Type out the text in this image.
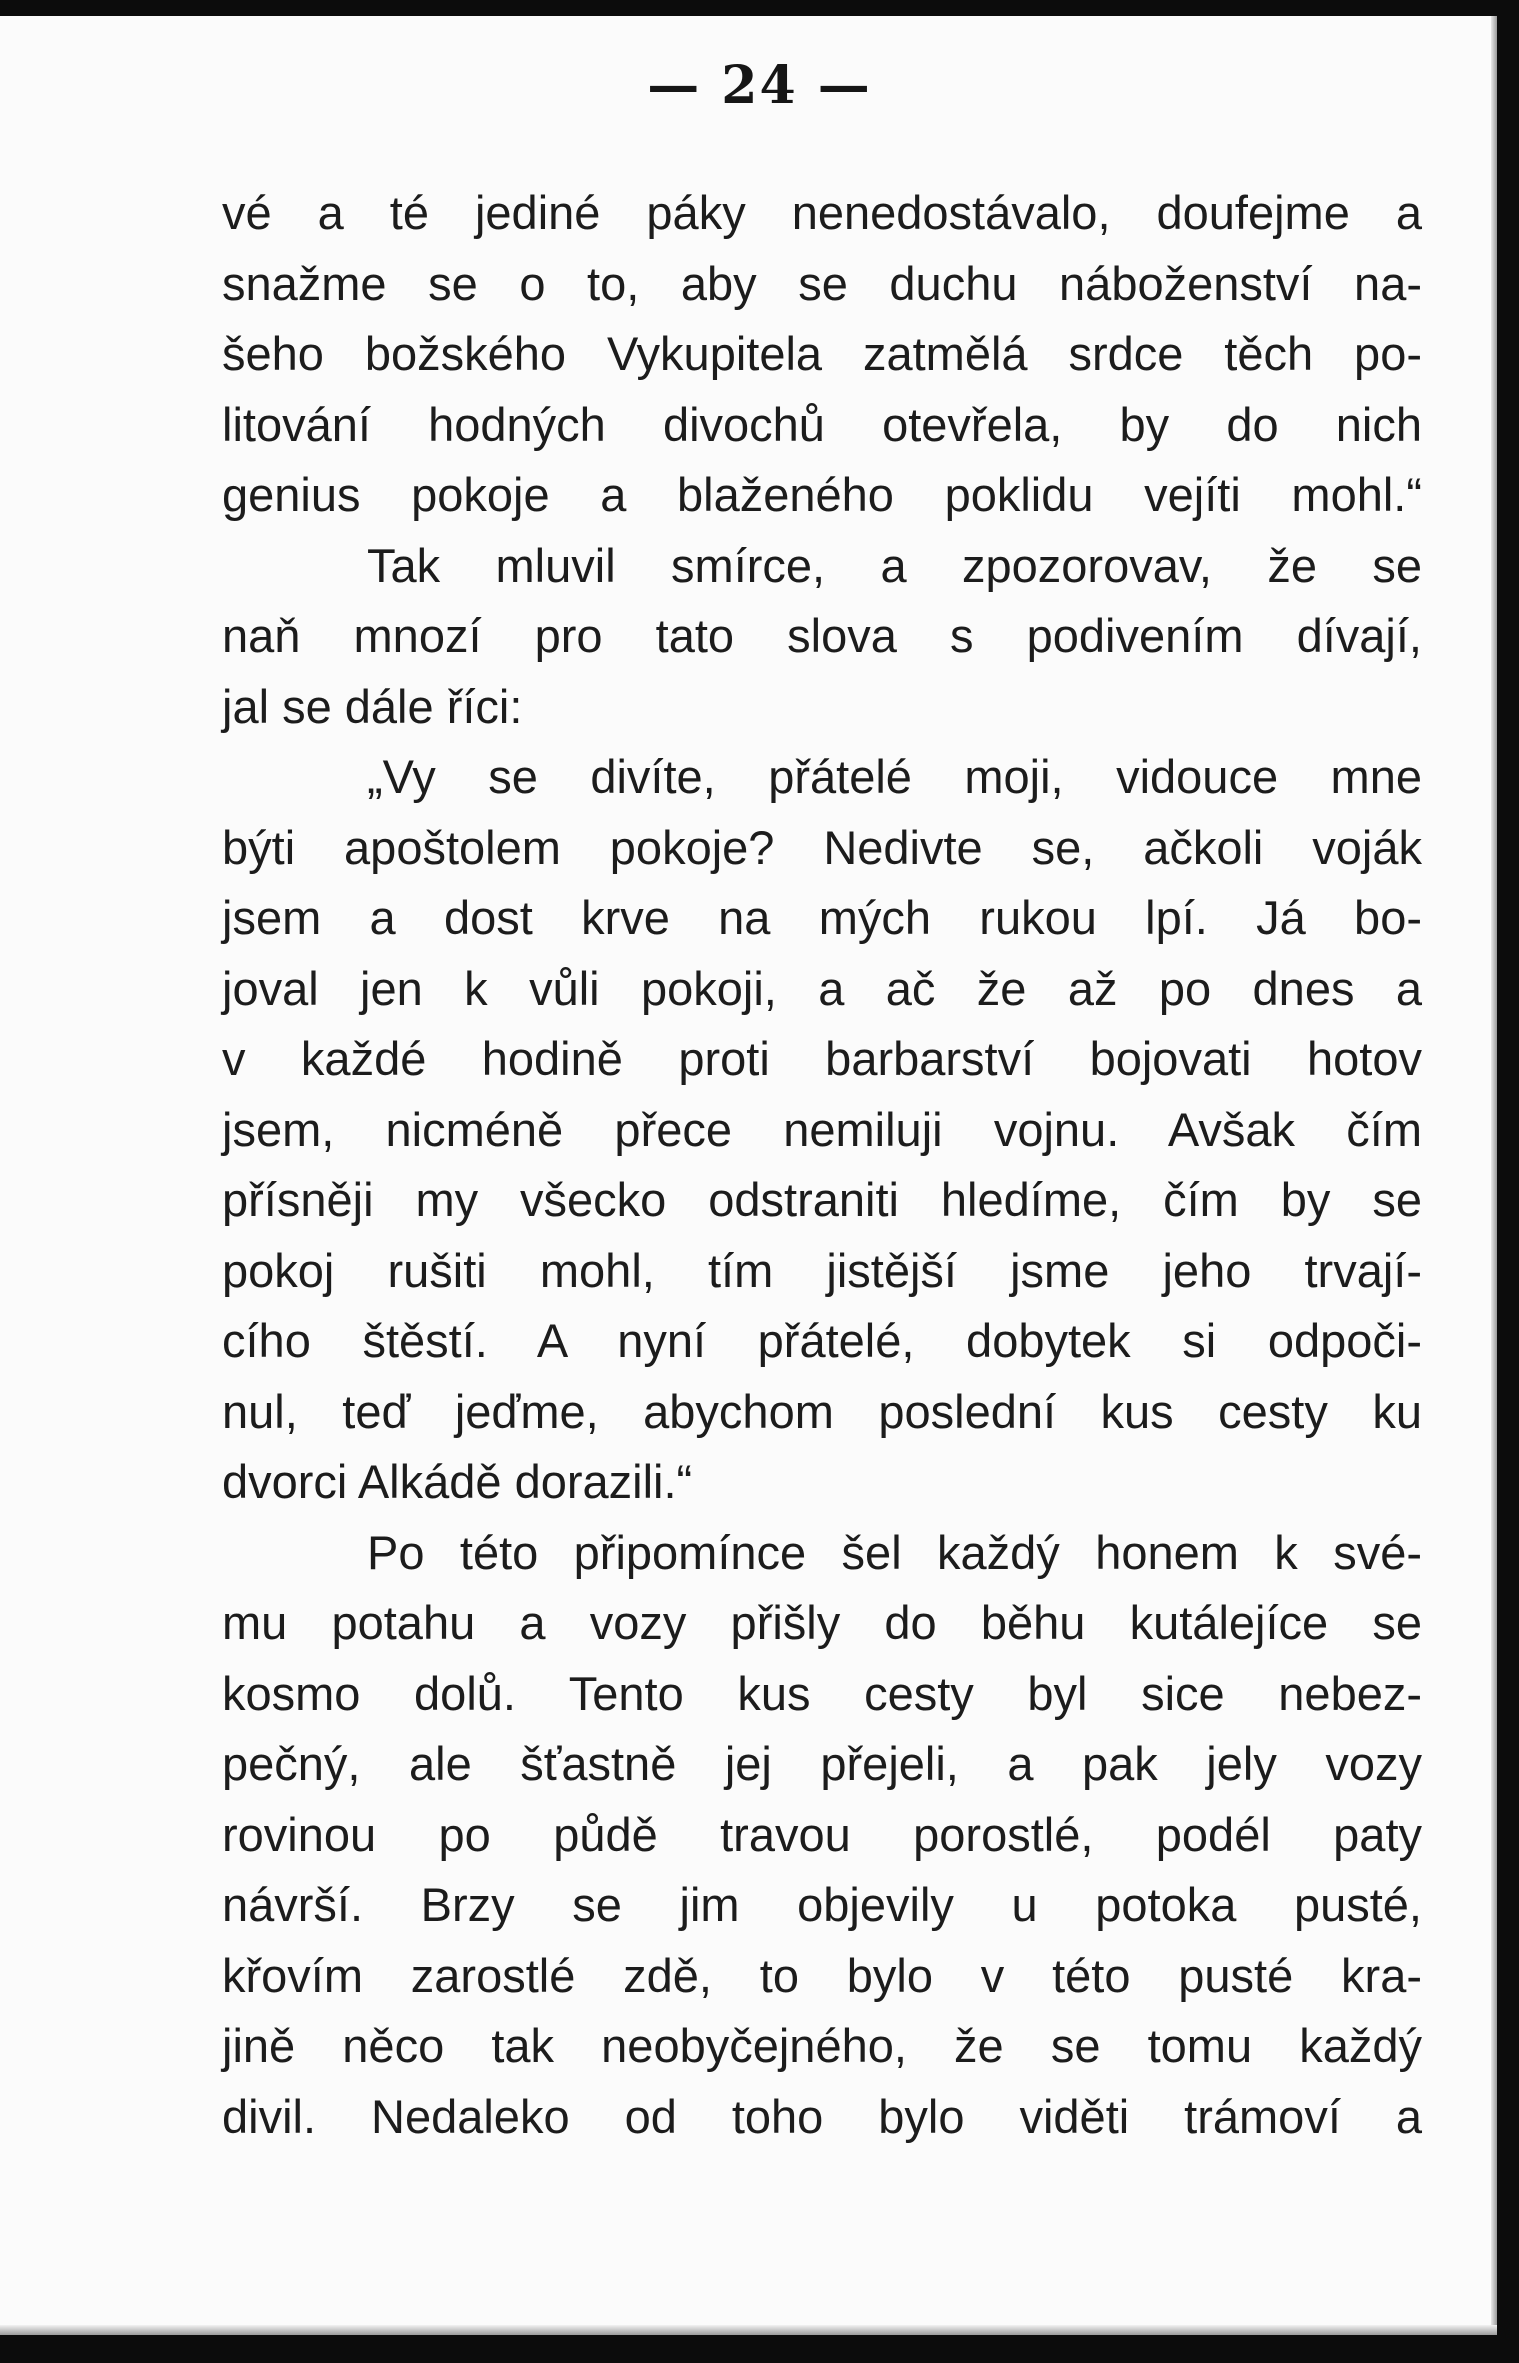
— 24 —
vé a té jediné páky nenedostávalo, doufejme a
snažme se o to, aby se duchu náboženství na-
šeho božského Vykupitela zatmělá srdce těch po-
litování hodných divochů otevřela, by do nich
genius pokoje a blaženého poklidu vejíti mohl.“
Tak mluvil smírce, a zpozorovav, že se
naň mnozí pro tato slova s podivením dívají,
jal se dále říci:
„Vy se divíte, přátelé moji, vidouce mne
býti apoštolem pokoje? Nedivte se, ačkoli voják
jsem a dost krve na mých rukou lpí. Já bo-
joval jen k vůli pokoji, a ač že až po dnes a
v každé hodině proti barbarství bojovati hotov
jsem, nicméně přece nemiluji vojnu. Avšak čím
přísněji my všecko odstraniti hledíme, čím by se
pokoj rušiti mohl, tím jistější jsme jeho trvají-
cího štěstí. A nyní přátelé, dobytek si odpoči-
nul, teď jeďme, abychom poslední kus cesty ku
dvorci Alkádě dorazili.“
Po této připomínce šel každý honem k své-
mu potahu a vozy přišly do běhu kutálejíce se
kosmo dolů. Tento kus cesty byl sice nebez-
pečný, ale šťastně jej přejeli, a pak jely vozy
rovinou po půdě travou porostlé, podél paty
návrší. Brzy se jim objevily u potoka pusté,
křovím zarostlé zdě, to bylo v této pusté kra-
jině něco tak neobyčejného, že se tomu každý
divil. Nedaleko od toho bylo viděti trámoví a
